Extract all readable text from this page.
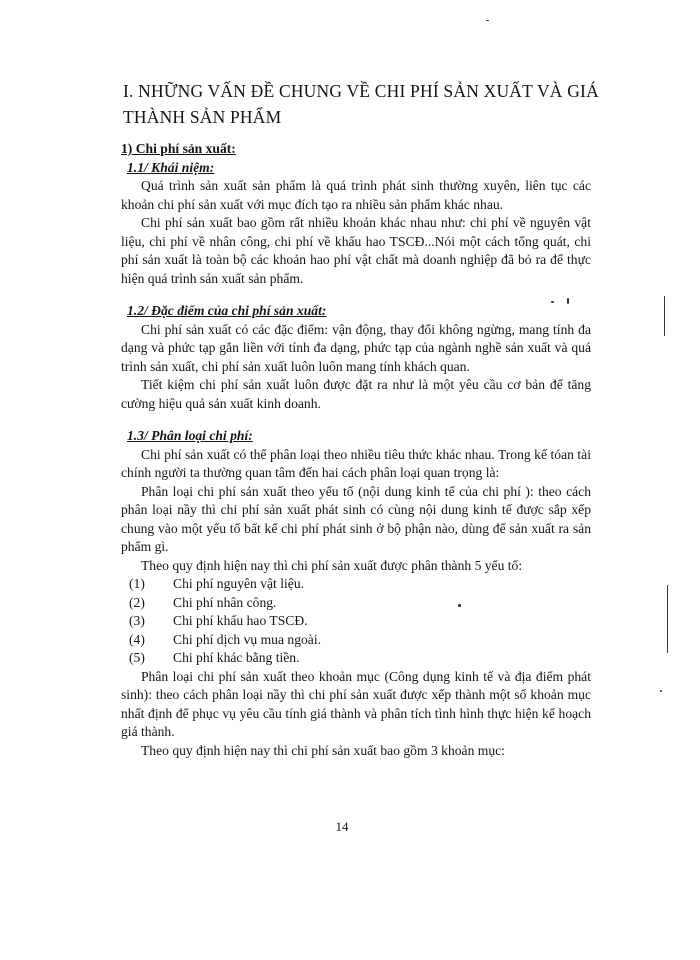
I. NHỮNG VẤN ĐỀ CHUNG VỀ CHI PHÍ SẢN XUẤT VÀ GIÁ THÀNH SẢN PHẨM

1) Chi phí sản xuất:

1.1/ Khái niệm:

Quá trình sản xuất sản phẩm là quá trình phát sinh thường xuyên, liên tục các khoản chi phí sản xuất với mục đích tạo ra nhiều sản phẩm khác nhau.

Chi phí sản xuất bao gồm rất nhiều khoản khác nhau như: chi phí về nguyên vật liệu, chi phí về nhân công, chi phí về khấu hao TSCĐ...Nói một cách tổng quát, chi phí sản xuất là toàn bộ các khoản hao phí vật chất mà doanh nghiệp đã bỏ ra để thực hiện quá trình sản xuất sản phẩm.

1.2/ Đặc điểm của chi phí sản xuất:

Chi phí sản xuất có các đặc điểm: vận động, thay đổi không ngừng, mang tính đa dạng và phức tạp gắn liền với tính đa dạng, phức tạp của ngành nghề sản xuất và quá trình sản xuất, chi phí sản xuất luôn luôn mang tính khách quan.

Tiết kiệm chi phí sản xuất luôn được đặt ra như là một yêu cầu cơ bản để tăng cường hiệu quả sản xuất kinh doanh.

1.3/ Phân loại chi phí:

Chi phí sản xuất có thể phân loại theo nhiều tiêu thức khác nhau. Trong kế tóan tài chính người ta thường quan tâm đến hai cách phân loại quan trọng là:

Phân loại chi phí sản xuất theo yếu tố (nội dung kinh tế của chi phí ): theo cách phân loại nầy thì chi phí sản xuất phát sinh có cùng nội dung kinh tế được sắp xếp chung vào một yếu tố bất kể chi phí phát sinh ở bộ phận nào, dùng để sản xuất ra sản phẩm gì.

Theo quy định hiện nay thì chi phí sản xuất được phân thành 5 yếu tố:

(1)	Chi phí nguyên vật liệu.
(2)	Chi phí nhân công.
(3)	Chi phí khấu hao TSCĐ.
(4)	Chi phí dịch vụ mua ngoài.
(5)	Chi phí khác bằng tiền.

Phân loại chi phí sản xuất theo khoản mục (Công dụng kinh tế và địa điểm phát sinh): theo cách phân loại nầy thì chi phí sản xuất được xếp thành một số khoản mục nhất định để phục vụ yêu cầu tính giá thành và phân tích tình hình thực hiện kế hoạch giá thành.

Theo quy định hiện nay thì chi phí sản xuất bao gồm 3 khoản mục:

14
